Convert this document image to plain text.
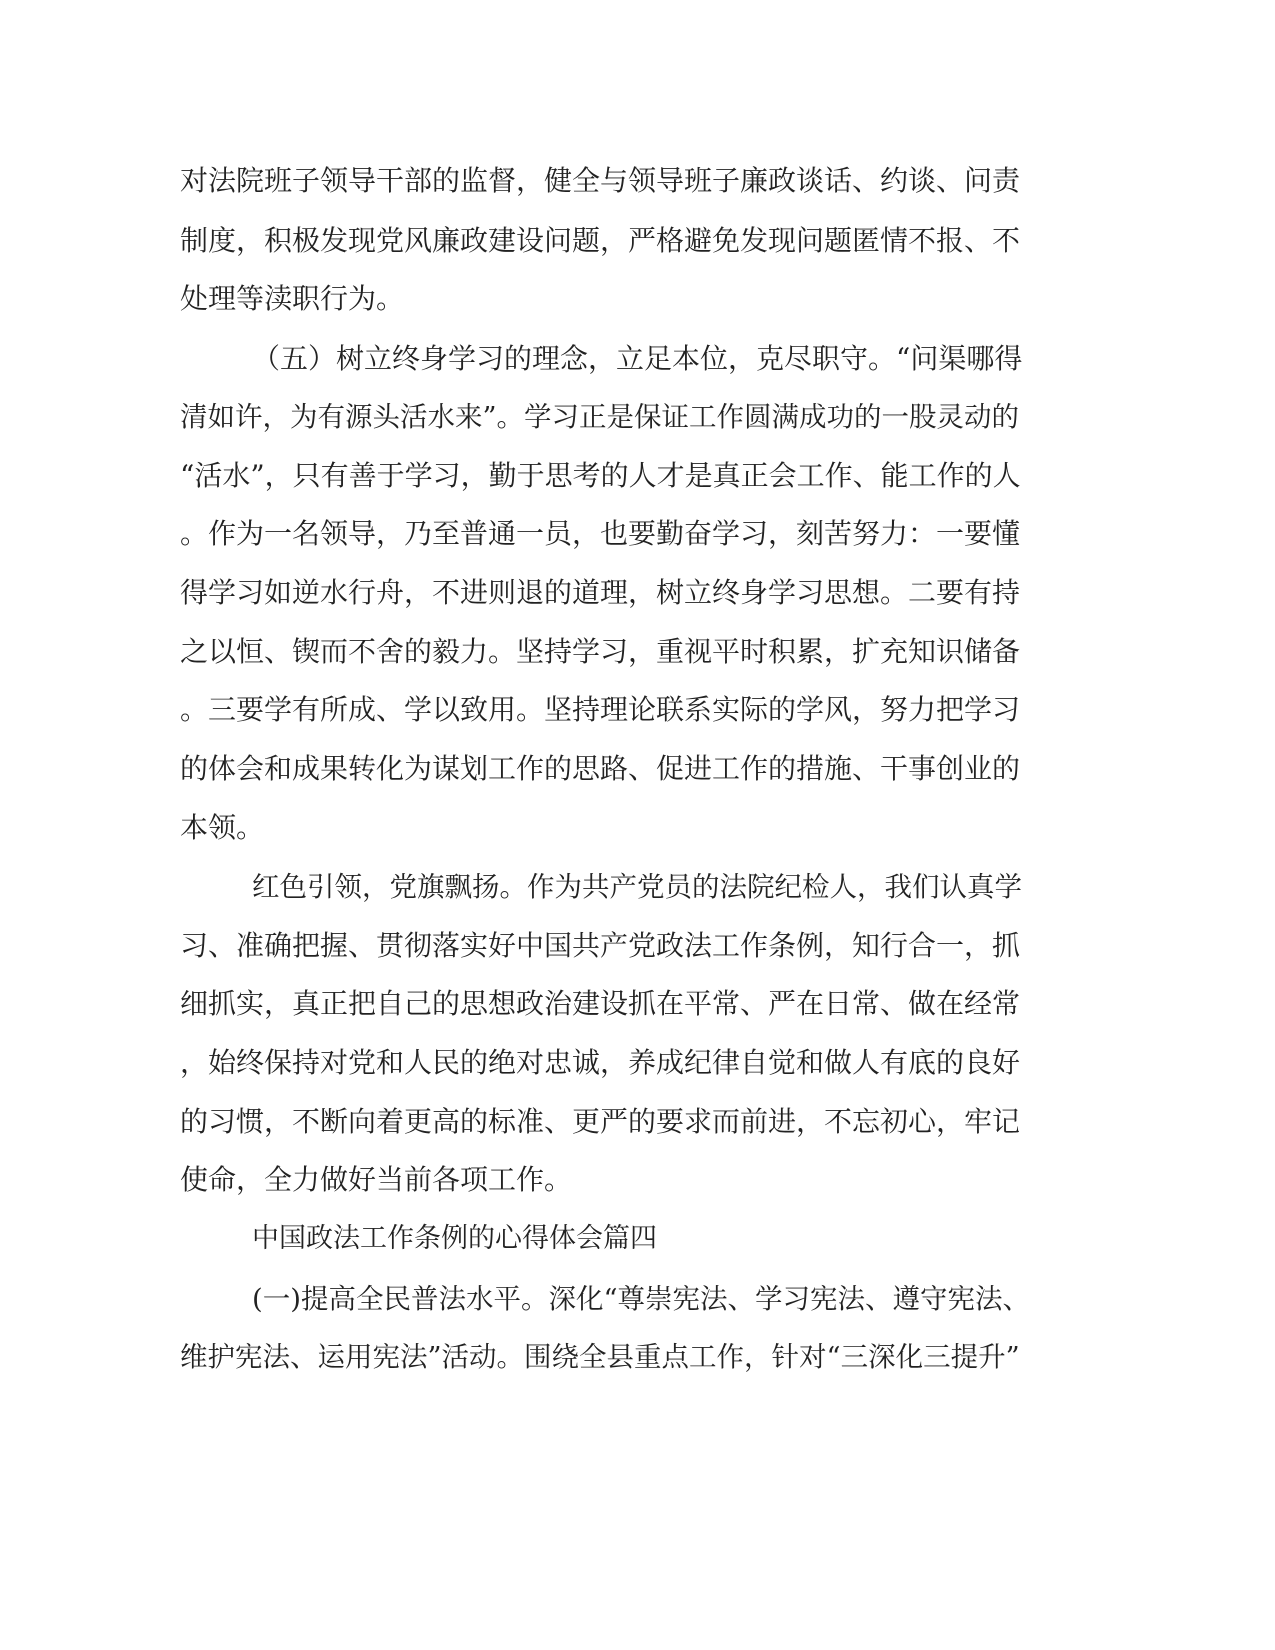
对法院班子领导干部的监督，健全与领导班子廉政谈话、约谈、问责
制度，积极发现党风廉政建设问题，严格避免发现问题匿情不报、不
处理等渎职行为。
（五）树立终身学习的理念，立足本位，克尽职守。“问渠哪得
清如许，为有源头活水来”。学习正是保证工作圆满成功的一股灵动的
“活水”，只有善于学习，勤于思考的人才是真正会工作、能工作的人
。作为一名领导，乃至普通一员，也要勤奋学习，刻苦努力：一要懂
得学习如逆水行舟，不进则退的道理，树立终身学习思想。二要有持
之以恒、锲而不舍的毅力。坚持学习，重视平时积累，扩充知识储备
。三要学有所成、学以致用。坚持理论联系实际的学风，努力把学习
的体会和成果转化为谋划工作的思路、促进工作的措施、干事创业的
本领。
红色引领，党旗飘扬。作为共产党员的法院纪检人，我们认真学
习、准确把握、贯彻落实好中国共产党政法工作条例，知行合一，抓
细抓实，真正把自己的思想政治建设抓在平常、严在日常、做在经常
，始终保持对党和人民的绝对忠诚，养成纪律自觉和做人有底的良好
的习惯，不断向着更高的标准、更严的要求而前进，不忘初心，牢记
使命，全力做好当前各项工作。
中国政法工作条例的心得体会篇四
(一)提高全民普法水平。深化“尊崇宪法、学习宪法、遵守宪法、
维护宪法、运用宪法”活动。围绕全县重点工作，针对“三深化三提升”
